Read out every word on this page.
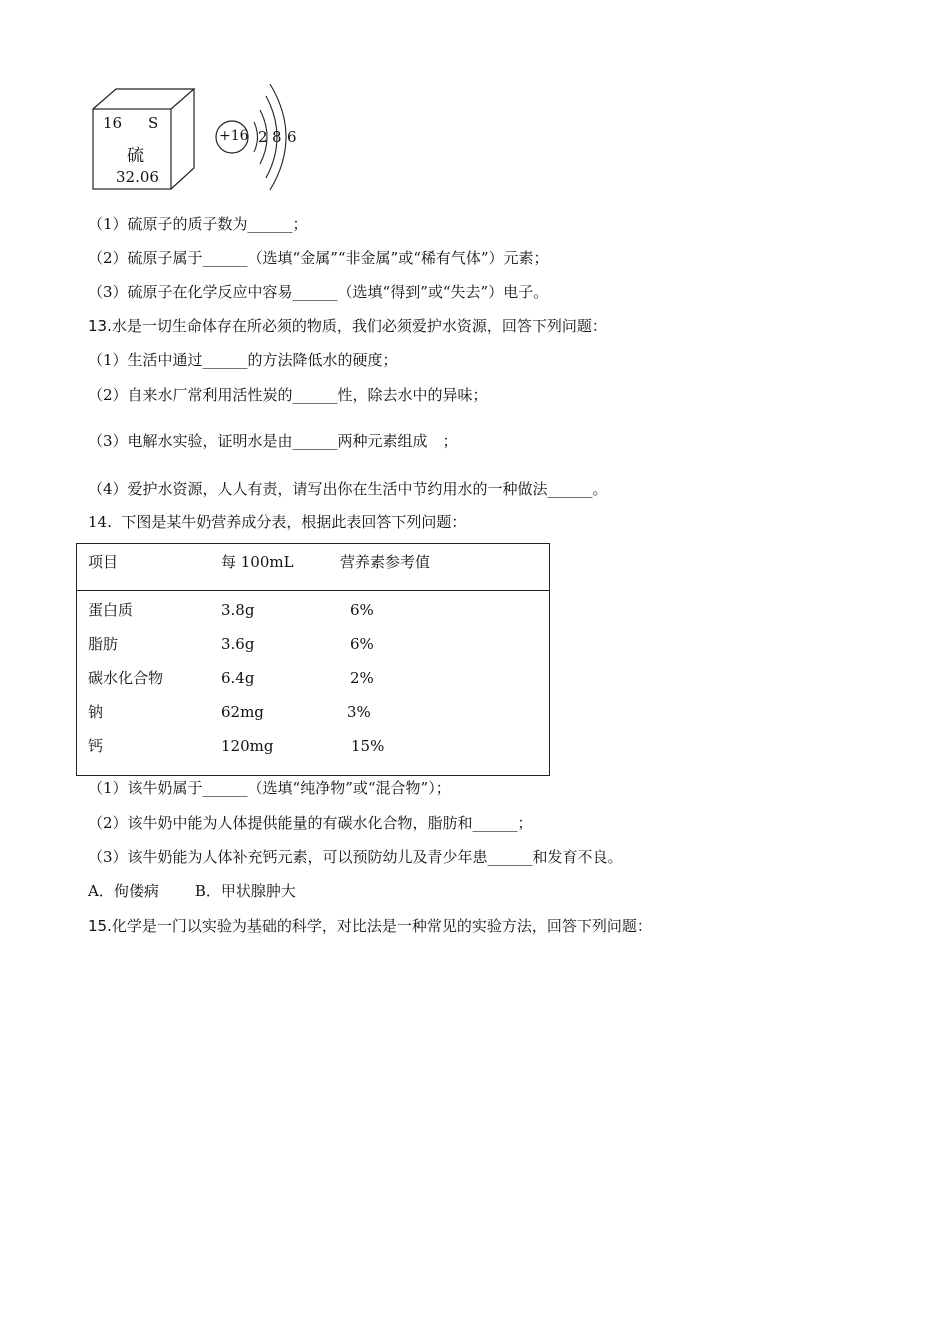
16 S
硫
32.06
+16 2 8 6
（1）硫原子的质子数为______；
（2）硫原子属于______（选填“金属”“非金属”或“稀有气体”）元素；
（3）硫原子在化学反应中容易______（选填“得到”或“失去”）电子。
13.水是一切生命体存在所必须的物质，我们必须爱护水资源，回答下列问题：
（1）生活中通过______的方法降低水的硬度；
（2）自来水厂常利用活性炭的______性，除去水中的异味；
（3）电解水实验，证明水是由______两种元素组成　；
（4）爱护水资源，人人有责，请写出你在生活中节约用水的一种做法______。
14. 下图是某牛奶营养成分表，根据此表回答下列问题：
项目	每 100mL	营养素参考值
蛋白质	3.8g	6%
脂肪	3.6g	6%
碳水化合物	6.4g	2%
钠	62mg	3%
钙	120mg	15%
（1）该牛奶属于______（选填“纯净物”或“混合物”）；
（2）该牛奶中能为人体提供能量的有碳水化合物，脂肪和______；
（3）该牛奶能为人体补充钙元素，可以预防幼儿及青少年患______和发育不良。
A．佝偻病 B．甲状腺肿大
15.化学是一门以实验为基础的科学，对比法是一种常见的实验方法，回答下列问题：
